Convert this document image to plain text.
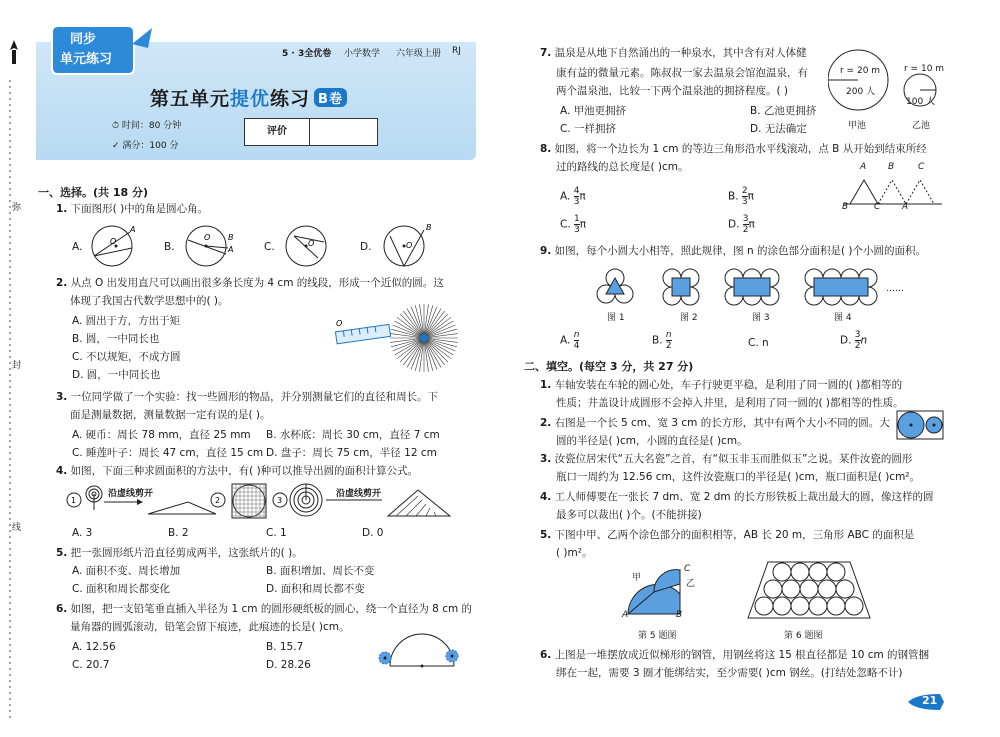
弥
封
线
同步
单元练习	5 · 3全优卷 小学数学 六年级上册 RJ
第五单元提优练习 B卷
⏱ 时间：80 分钟
✓ 满分：100 分
评价
一、选择。(共 18 分)
1. 下面图形( )中的角是圆心角。
A.
A
O	B.
O
A
B
C.	O	D.
B
O
2. 从点 O 出发用直尺可以画出很多条长度为 4 cm 的线段，形成一个近似的圆。这
体现了我国古代数学思想中的( )。
A. 圆出于方，方出于矩
B. 圆，一中同长也
C. 不以规矩，不成方圆
D. 圆，一中同长也
O
3. 一位同学做了一个实验：找一些圆形的物品，并分别测量它们的直径和周长。下
面是测量数据，测量数据一定有误的是( )。
A. 硬币：周长 78 mm，直径 25 mm B. 水杯底：周长 30 cm，直径 7 cm
C. 睡莲叶子：周长 47 cm，直径 15 cm D. 盘子：周长 75 cm，半径 12 cm
4. 如图，下面三种求圆面积的方法中，有( )种可以推导出圆的面积计算公式。
1	2	3
沿虚线剪开	沿虚线剪开
A. 3	B. 2	C. 1	D. 0
5. 把一张圆形纸片沿直径剪成两半，这张纸片的( )。
A. 面积不变、周长增加	B. 面积增加、周长不变
C. 面积和周长都变化	D. 面积和周长都不变
6. 如图，把一支铅笔垂直插入半径为 1 cm 的圆形硬纸板的圆心，绕一个直径为 8 cm 的
量角器的圆弧滚动，铅笔会留下痕迹，此痕迹的长是( )cm。
A. 12.56	B. 15.7
C. 20.7	D. 28.26
7. 温泉是从地下自然涌出的一种泉水，其中含有对人体健
康有益的微量元素。陈叔叔一家去温泉会馆泡温泉，有
两个温泉池，比较一下两个温泉池的拥挤程度。( )
A. 甲池更拥挤	B. 乙池更拥挤
C. 一样拥挤	D. 无法确定
r = 20 m
200 人
甲池
r = 10 m
100 人
乙池
8. 如图，将一个边长为 1 cm 的等边三角形沿水平线滚动，点 B 从开始到结束所经
过的路线的总长度是( )cm。
A. $\frac{4}{3}$ π	B. $\frac{2}{3}$ π
C. $\frac{1}{3}$ π	D. $\frac{3}{2}$ π
A
B	C A
B	C
9. 如图，每个小圆大小相等，照此规律，图 n 的涂色部分面积是( )个小圆的面积。
图 1	图 2	图 3	图 4
……
A. $\frac{n}{4}$	B. $\frac{n}{2}$	C. n	D. $\frac{3}{2}$ n
二、填空。(每空 3 分，共 27 分)
1. 车轴安装在车轮的圆心处，车子行驶更平稳，是利用了同一圆的( )都相等的
性质；井盖设计成圆形不会掉入井里，是利用了同一圆的( )都相等的性质。
2. 右图是一个长 5 cm、宽 3 cm 的长方形，其中有两个大小不同的圆。大
圆的半径是( )cm，小圆的直径是( )cm。
3. 汝瓷位居宋代“五大名瓷”之首，有“似玉非玉而胜似玉”之说。某件汝瓷的圆形
瓶口一周约为 12.56 cm，这件汝瓷瓶口的半径是( )cm，瓶口面积是( )cm²。
4. 工人师傅要在一张长 7 dm、宽 2 dm 的长方形铁板上裁出最大的圆，像这样的圆
最多可以裁出( )个。(不能拼接)
5. 下图中甲、乙两个涂色部分的面积相等，AB 长 20 m，三角形 ABC 的面积是
( )m²。
甲
乙
A	B
C
第 5 题图	第 6 题图
6. 上图是一堆摆放成近似梯形的钢管，用钢丝将这 15 根直径都是 10 cm 的钢管捆
绑在一起，需要 3 圈才能绑结实，至少需要( )cm 钢丝。(打结处忽略不计)
21
